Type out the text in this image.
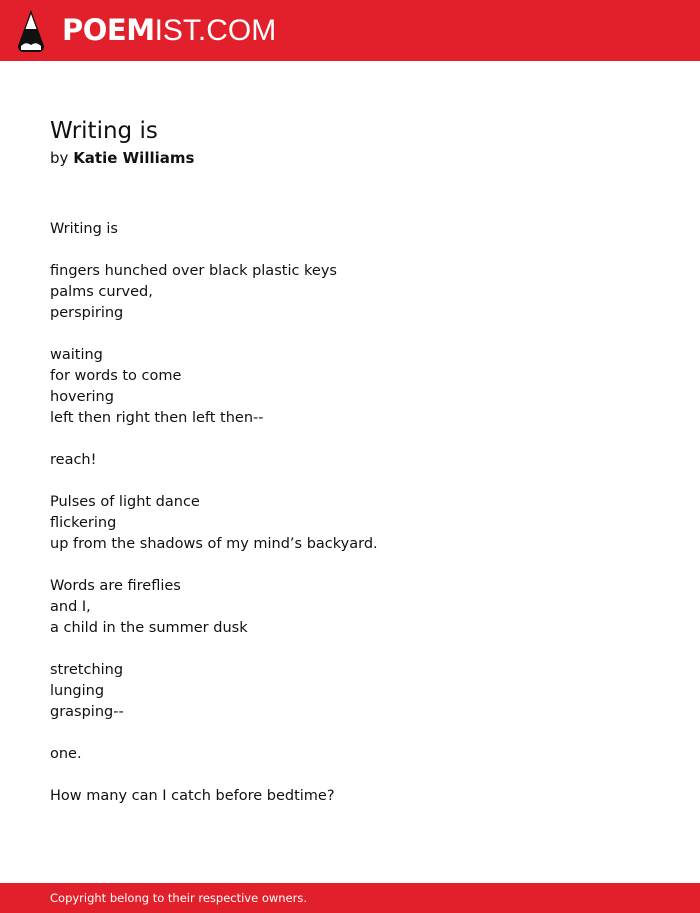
POEMIST.COM
Writing is
by Katie Williams
Writing is
fingers hunched over black plastic keys
palms curved,
perspiring
waiting
for words to come
hovering
left then right then left then--
reach!
Pulses of light dance
flickering
up from the shadows of my mind’s backyard.
Words are fireflies
and I,
a child in the summer dusk
stretching
lunging
grasping--
one.
How many can I catch before bedtime?
Copyright belong to their respective owners.
